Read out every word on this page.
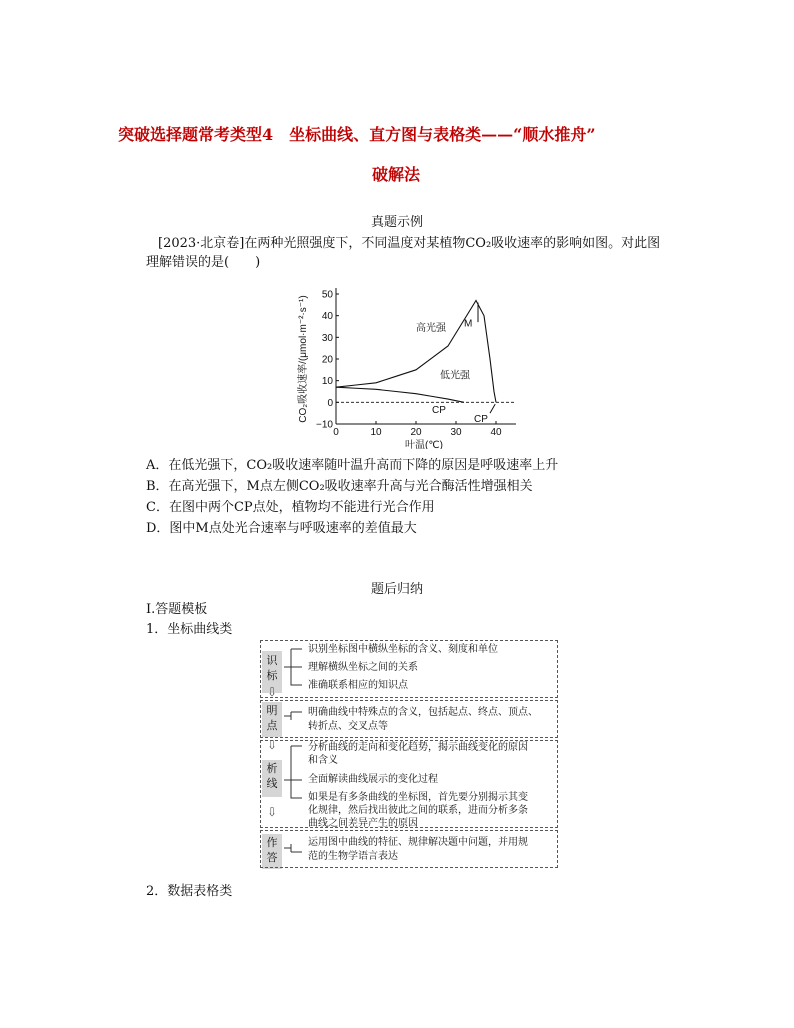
突破选择题常考类型4　坐标曲线、直方图与表格类——“顺水推舟”
破解法
真题示例
[2023·北京卷]在两种光照强度下，不同温度对某植物CO₂吸收速率的影响如图。对此图
理解错误的是(　　)
0	10	20	30	40
50
40
30
20
10
0
−10
高光强
低光强
M
CP
CP
叶温(℃)
CO₂吸收速率/(μmol·m⁻²·s⁻¹)
A．在低光强下，CO₂吸收速率随叶温升高而下降的原因是呼吸速率上升
B．在高光强下，M点左侧CO₂吸收速率升高与光合酶活性增强相关
C．在图中两个CP点处，植物均不能进行光合作用
D．图中M点处光合速率与呼吸速率的差值最大
题后归纳
Ⅰ.答题模板
1．坐标曲线类
识
标
⇩
明
点
⇩
析
线
⇩
作
答
识别坐标图中横纵坐标的含义、刻度和单位
理解横纵坐标之间的关系
准确联系相应的知识点
明确曲线中特殊点的含义，包括起点、终点、顶点、
转折点、交叉点等
分析曲线的走向和变化趋势，揭示曲线变化的原因
和含义
全面解读曲线展示的变化过程
如果是有多条曲线的坐标图，首先要分别揭示其变
化规律，然后找出彼此之间的联系，进而分析多条
曲线之间差异产生的原因
运用图中曲线的特征、规律解决题中问题，并用规
范的生物学语言表达
2．数据表格类
